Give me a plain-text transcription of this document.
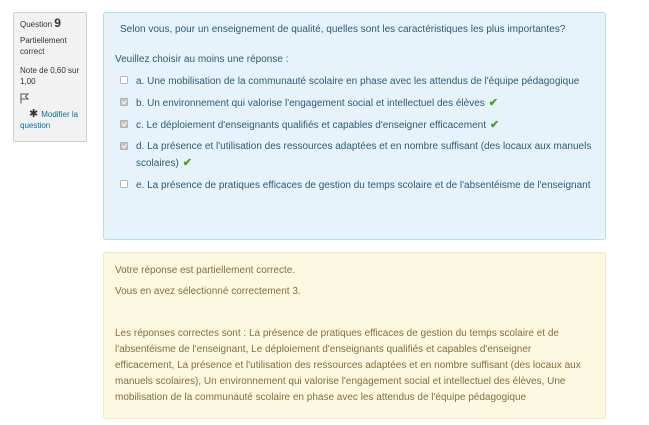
Question 9
Partiellement correct
Note de 0,60 sur 1,00
✱ Modifier la question
Selon vous, pour un enseignement de qualité, quelles sont les caractéristiques les plus importantes?
Veuillez choisir au moins une réponse :
a. Une mobilisation de la communauté scolaire en phase avec les attendus de l'équipe pédagogique
b. Un environnement qui valorise l'engagement social et intellectuel des élèves ✔
c. Le déploiement d'enseignants qualifiés et capables d'enseigner efficacement ✔
d. La présence et l'utilisation des ressources adaptées et en nombre suffisant (des locaux aux manuels scolaires) ✔
e. La présence de pratiques efficaces de gestion du temps scolaire et de l'absentéisme de l'enseignant
Votre réponse est partiellement correcte.
Vous en avez sélectionné correctement 3.
Les réponses correctes sont : La présence de pratiques efficaces de gestion du temps scolaire et de l'absentéisme de l'enseignant, Le déploiement d'enseignants qualifiés et capables d'enseigner efficacement, La présence et l'utilisation des ressources adaptées et en nombre suffisant (des locaux aux manuels scolaires), Un environnement qui valorise l'engagement social et intellectuel des élèves, Une mobilisation de la communauté scolaire en phase avec les attendus de l'équipe pédagogique
